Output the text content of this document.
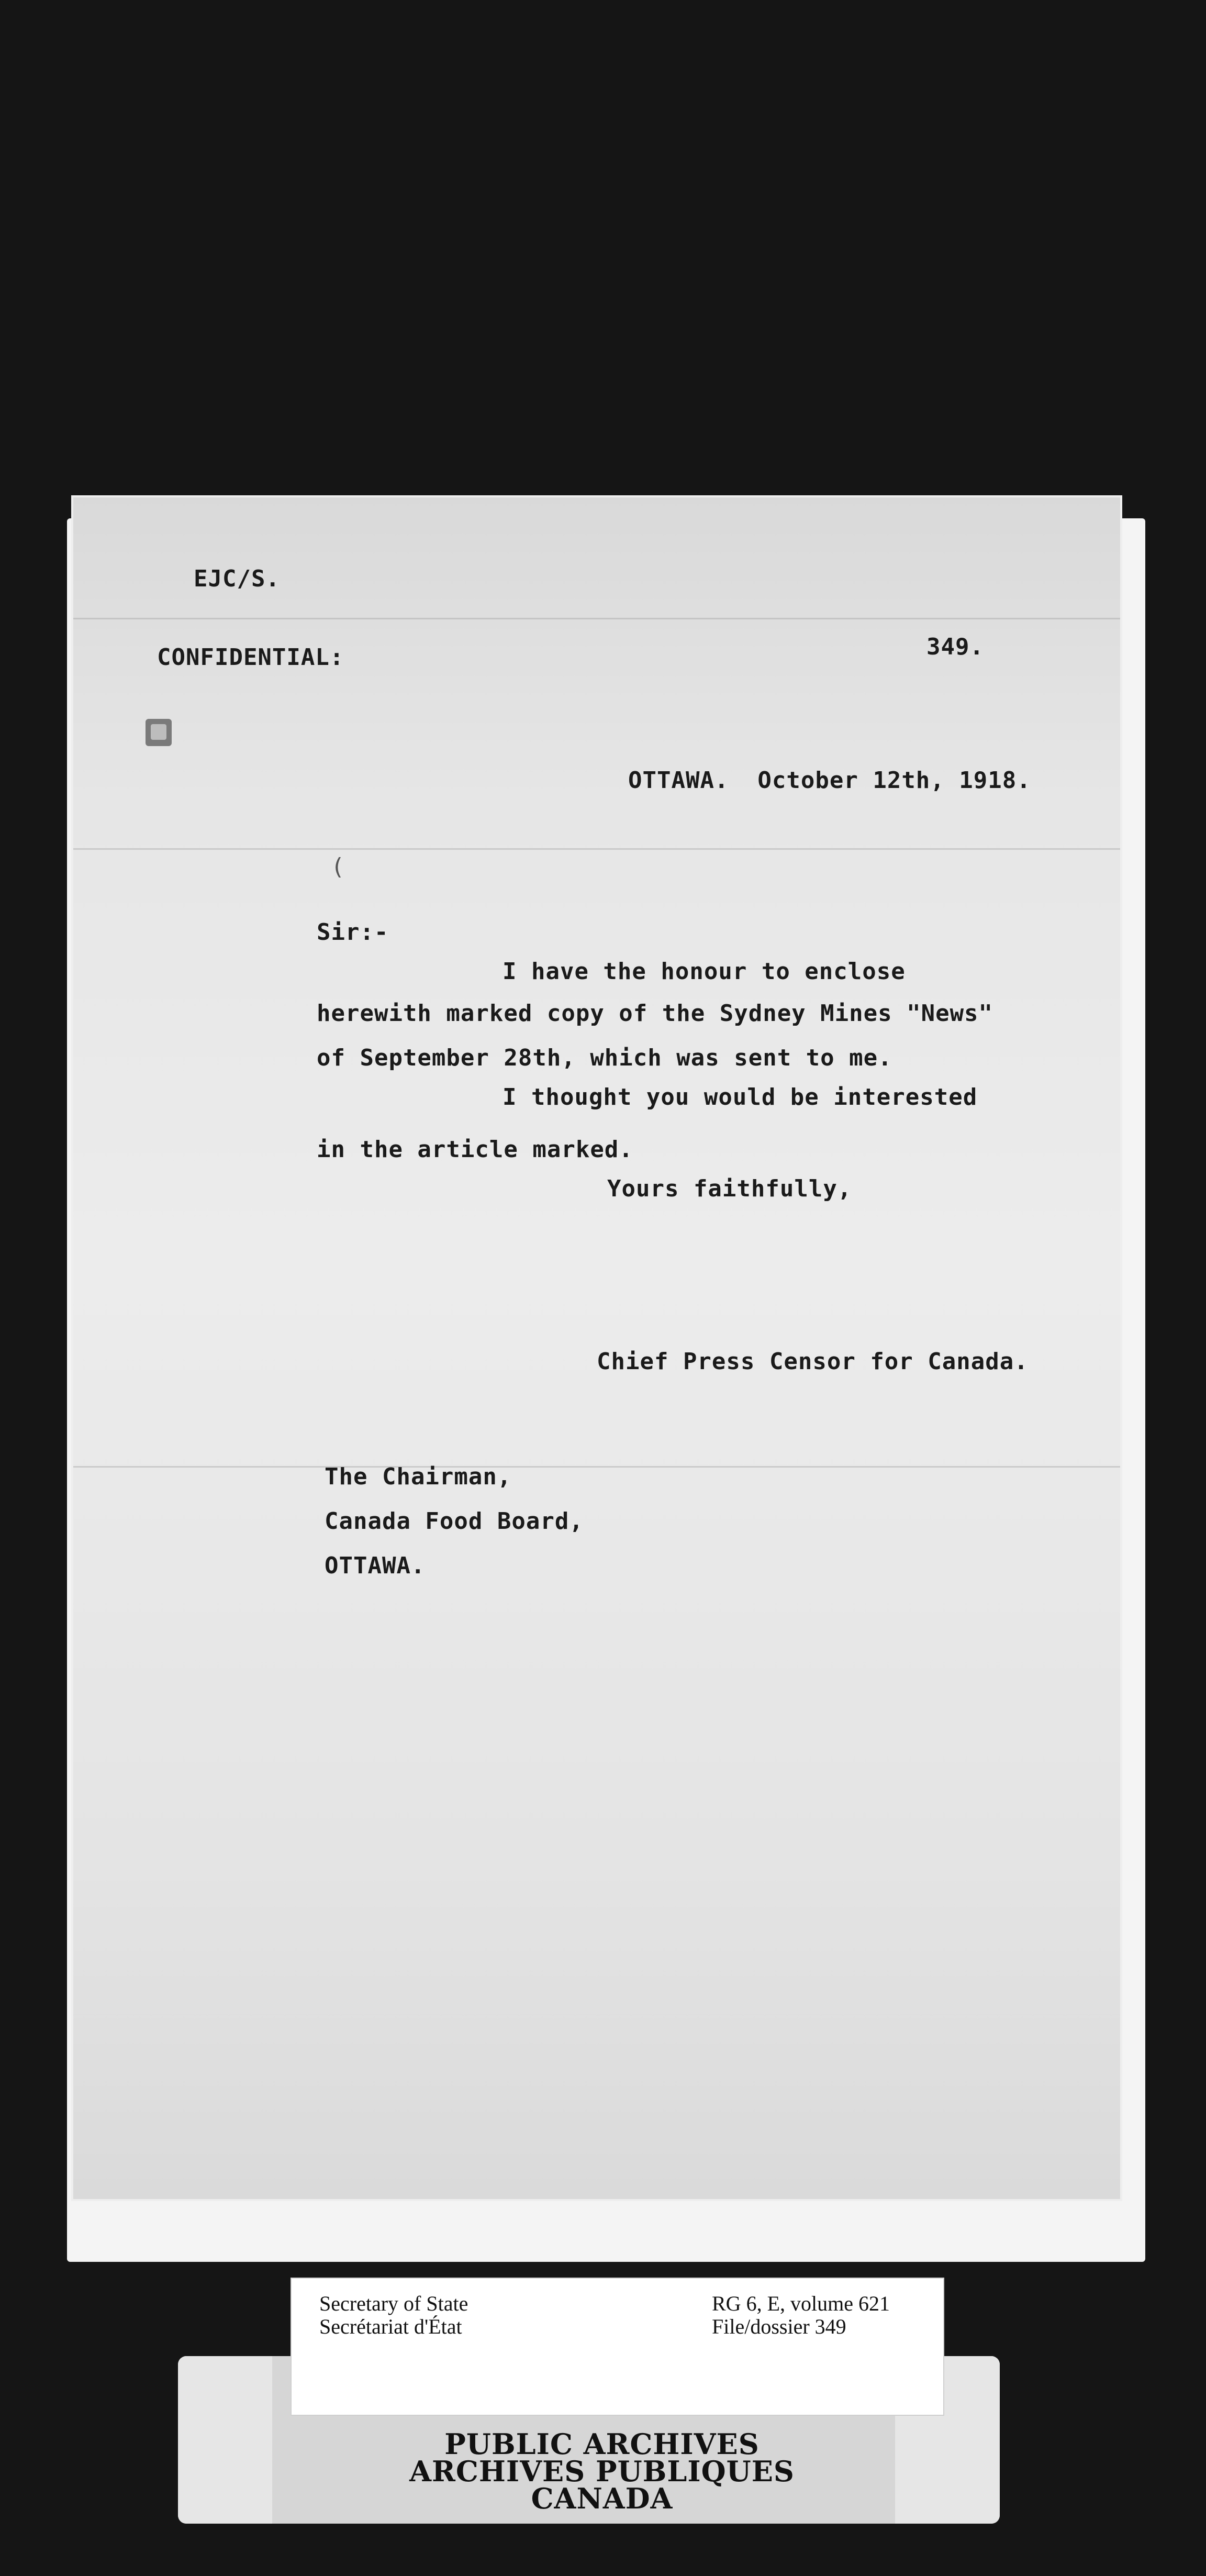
EJC/S.
CONFIDENTIAL:	349.
OTTAWA.  October 12th, 1918.
(
Sir:-
I have the honour to enclose
herewith marked copy of the Sydney Mines "News"
of September 28th, which was sent to me.
I thought you would be interested
in the article marked.
Yours faithfully,
Chief Press Censor for Canada.
The Chairman,
Canada Food Board,
OTTAWA.
PUBLIC ARCHIVES
ARCHIVES PUBLIQUES
CANADA
Secretary of State
Secrétariat d'État
RG 6, E, volume 621
File/dossier 349
